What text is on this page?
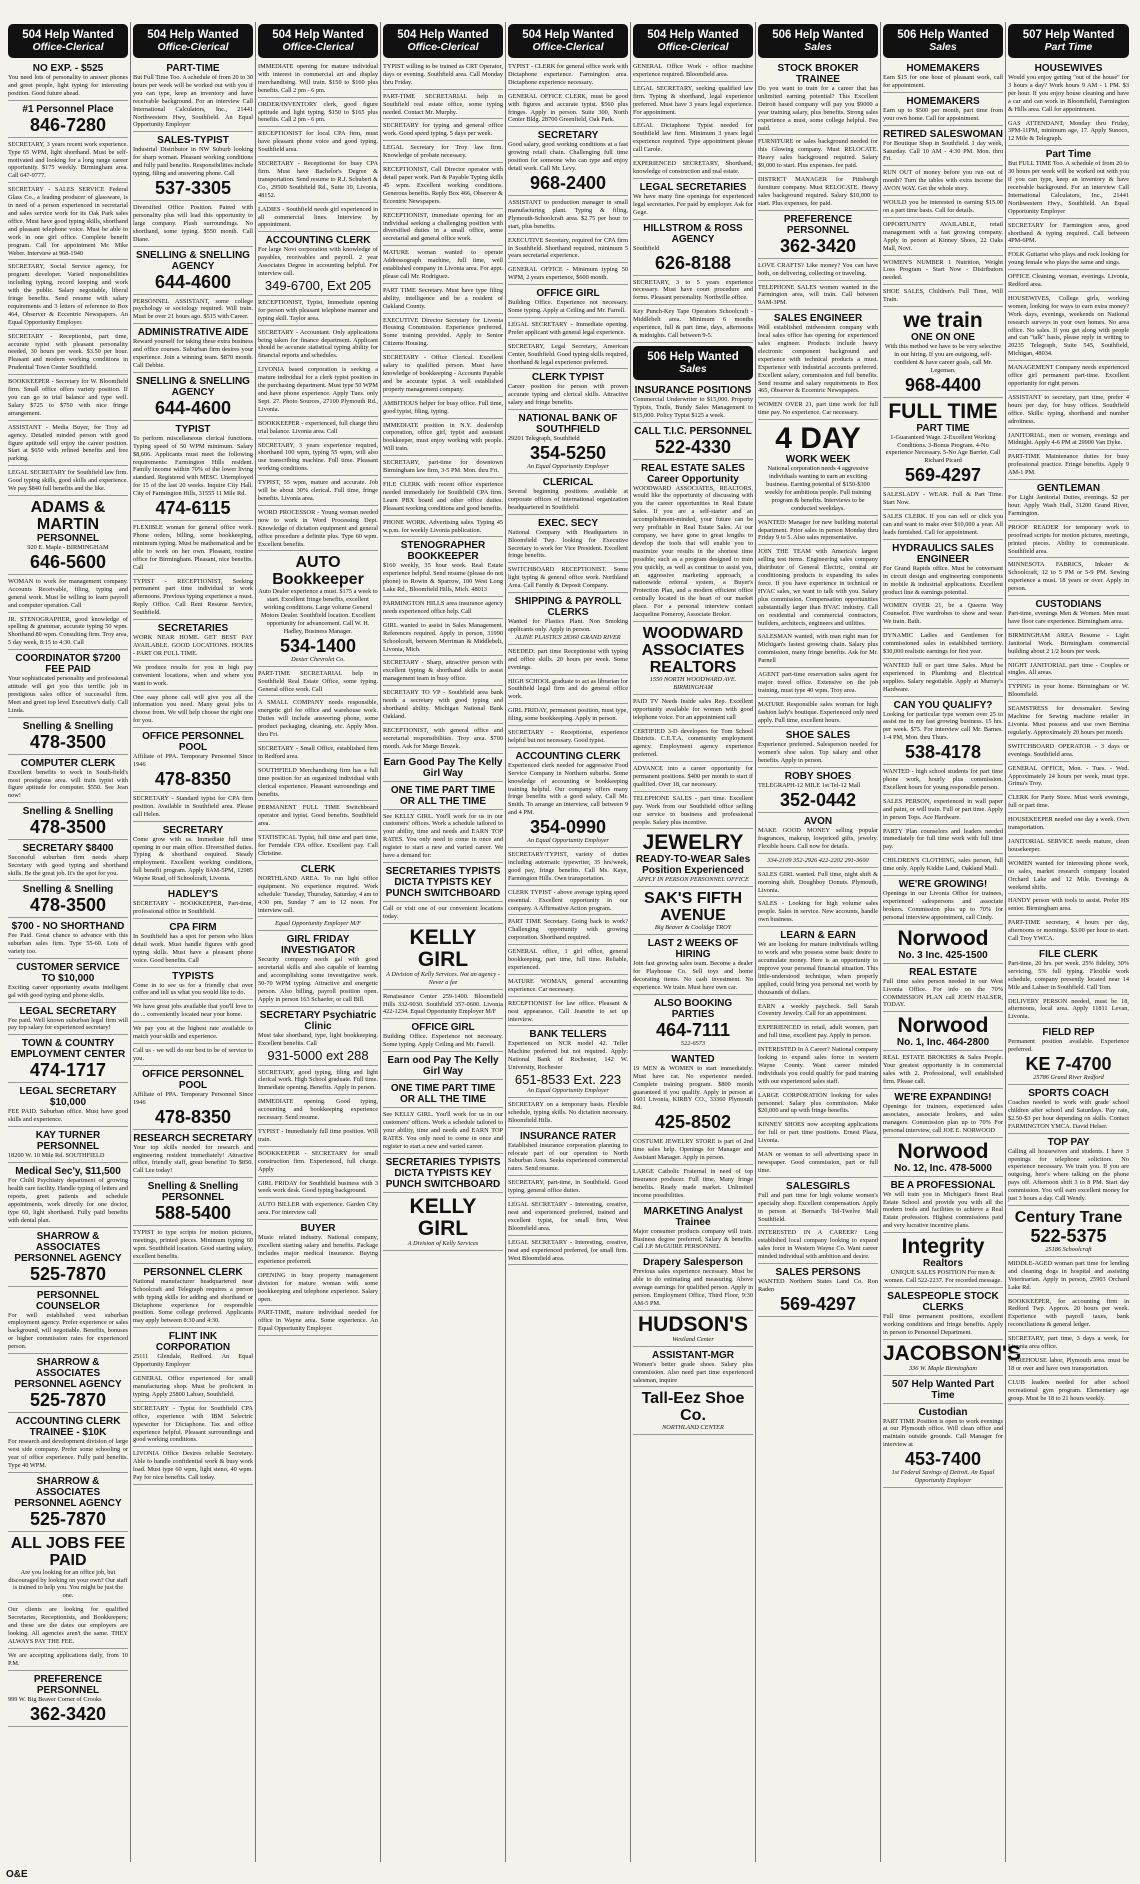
504 Help Wanted
Office-Clerical
NO EXP. - $525
You need lots of personality to answer phones and greet people, light typing for interesting position. Good future ahead.
#1 Personnel Place
846-7280
SECRETARY, 3 years recent work experience. Type 65 WPM, light shorthand. Must be self-motivated and looking for a long range career opportunity. $175 weekly. Birmingham area. Call 647-9777.
SECRETARY - SALES SERVICE Federal Glass Co., a leading producer of glassware, is in need of a person experienced in secretarial and sales service work for its Oak Park sales office. Must have good typing skills, shorthand and pleasant telephone voice. Must be able to work in one girl office. Complete benefit program. Call for appointment Mr. Mike Weber. Interview at 968-1940
SECRETARY, Social Service agency, for program developer. Varied responsibilities including typing, record keeping and work with the public. Salary negotiable, liberal fringe benefits. Send resume with salary requirements and 3 letters of reference to Box 464, Observer & Eccentric Newspapers. An Equal Opportunity Employer.
SECRETARY - Receptionist, part time, accurate typist with pleasant personality needed, 30 hours per week. $3.50 per hour. Pleasant and modern working conditions in Prudential Town Center Southfield.
BOOKKEEPER - Secretary for W. Bloomfield firm. Small office offers variety position. If you can go to trial balance and type well. Salary $725 to $750 with nice fringe arrangement.
ASSISTANT - Media Buyer, for Troy ad agency. Detailed minded person with good figure aptitude will enjoy the career position. Start at $650 with refined benefits and free parking.
LEGAL SECRETARY for Southfield law firm. Good typing skills, good skills and experience. We pay $840 full benefits and the like.
ADAMS & MARTIN
PERSONNEL
920 E. Maple - BIRMINGHAM
646-5600
WOMAN to work for management company. Accounts Receivable, filing, typing and general work. Must be willing to learn payroll and computer operation. Call
JR. STENOGRAPHER, good knowledge of spelling & grammar, accurate typing 50 wpm. Shorthand 80 wpm. Consulting firm. Troy area, 5 day week, 8:15 to 4:30. Call
COORDINATOR $7200 FEE PAID
Your sophisticated personality and professional attitude will get you this terrific job in prestigious sales office of successful firm. Meet and greet top level Executive's daily. Call Linda.
Snelling & Snelling
478-3500
COMPUTER CLERK
Excellent benefits to work in South-field's most prestigious area. will train typist with figure aptitude for computer. $550. See Jean now!
Snelling & Snelling
478-3500
SECRETARY $8400
Successful suburban firm needs sharp Secretary with good typing and shorthand skills. Be the great job. It's the spot for you.
Snelling & Snelling
478-3500
$700 - NO SHORTHAND
Fee Paid. Great chance to advance with this suburban sales firm. Type 55-60. Lots of variety too.
CUSTOMER SERVICE TO $10,000
Exciting career opportunity awaits intelligent gal with good typing and phone skills.
LEGAL SECRETARY
Fee paid. Well known suburban legal firm will pay top salary for experienced secretary!
TOWN & COUNTRY EMPLOYMENT CENTER
474-1717
LEGAL SECRETARY $10,000
FEE PAID. Suburban office. Must have good skills and experience.
KAY TURNER PERSONNEL
18200 W. 10 Mile Rd. SOUTHFIELD
Medical Sec'y, $11,500
For Child Psychiatry department of growing health care facility. Handle typing of letters and reports, greet patients and schedule appointments, work directly for one doctor, type 60, light shorthand. Fully paid benefits with dental plan.
SHARROW & ASSOCIATES PERSONNEL AGENCY
525-7870
PERSONNEL COUNSELOR
For well established west suburban employment agency. Prefer experience or sales background, will negotiable. Benefits, bonuses or higher commission rates for experienced person.
SHARROW & ASSOCIATES PERSONNEL AGENCY
525-7870
ACCOUNTING CLERK TRAINEE - $10K
For research and development division of large west side company. Prefer some schooling or year of office experience. Fully paid benefits. Type 40 WPM.
SHARROW & ASSOCIATES PERSONNEL AGENCY
525-7870
ALL JOBS FEE PAID
Are you looking for an office job, but discouraged by looking on your own? Our staff is trained to help you. You might be just the one.
Our clients are looking for qualified Secretaries, Receptionists, and Bookkeepers; and these are the dates our employers are looking. All agencies aren't the same. THEY ALWAYS PAY THE FEE.
We are accepting applications daily, from 10 P.M.
PREFERENCE PERSONNEL
999 W. Big Beaver Corner of Crooks
362-3420
504 Help Wanted
Office-Clerical
PART-TIME
But Full Time Too. A schedule of from 20 to 30 hours per week will be worked out with you if you can type, keep an inventory and have receivable background. For an interview Call International Calculators, Inc., 21441 Northwestern Hwy, Southfield. An Equal Opportunity Employer
SALES-TYPIST
Industrial Distributor in NW Suburb looking for sharp woman. Pleasant working conditions and fully paid benefits. Responsibilities include typing, filing and answering phone. Call
537-3305
Diversified Office Position. Paired with personality plus will lead this opportunity to large company. Plush surroundings. No shorthand, some typing. $550 month. Call Diane.
SNELLING & SNELLING AGENCY
644-4600
PERSONNEL ASSISTANT, some college psychology or sociology required. Will train. Must be over 21 hours ago. $515 with Career.
ADMINISTRATIVE AIDE
Reward yourself for taking these extra business and office courses. Suburban firm desires your experience. Join a winning team. $870 month. Call Debbie.
SNELLING & SNELLING AGENCY
644-4600
TYPIST
To perform miscellaneous clerical functions. Typing speed of 50 WPM minimum. Salary $8,606. Applicants must meet the following requirements: Farmington Hills resident. Family income within 70% of the lower living standard. Registered with MESC. Unemployed for 15 of the last 20 weeks. Inquire City Hall. City of Farmington Hills, 31555 11 Mile Rd.
474-6115
FLEXIBLE woman for general office work. Phone orders, billing, some bookkeeping, minimum typing. Must be mathematical and be able to work on her own. Pleasant, routine office for Birmingham. Pleasant, nice benefits. Call
TYPIST - RECEPTIONIST, Seeking permanent part time individual to work afternoons. Previous typing experience a must. Reply Office. Call Rent Resume Service, Southfield.
SECRETARIES
WORK NEAR HOME. GET BEST PAY AVAILABLE. GOOD LOCATIONS. HOURS - PART OR FULL TIME.
We produce results for you in high pay convenient locations, when and where you want to work.
One easy phone call will give you all the information you need. Many great jobs to choose from. We will help choose the right one for you.
OFFICE PERSONNEL POOL
Affiliate of PPA. Temporary Personnel Since 1946
478-8350
SECRETARY - Standard typist for CPA firm position. Available in Southfield area. Please call Helen.
SECRETARY
Come grow with us. Immediate full time opening in our main office. Diversified duties. Typing & shorthand required. Steady employment. Excellent working conditions, full benefit program. Apply 8AM-5PM, 12985 Wayne Road, off Schoolcraft, Livonia.
HADLEY'S
SECRETARY - BOOKKEEPER, Part-time, professional office in Southfield.
CPA FIRM
In Southfield has a spot for person who likes detail work. Must handle figures with good typing skills. Must have a pleasant phone voice. Good benefits. Call
TYPISTS
Come in to see us for a friendly chat over coffee and tell us what you would like to do.
We have great jobs available that you'll love to do ... conveniently located near your home.
We pay you at the highest rate available to match your skills and experience.
Call us - we will do our best to be of service to you.
OFFICE PERSONNEL POOL
Affiliate of PPA. Temporary Personnel Since 1946
478-8350
RESEARCH SECRETARY
Your top skills needed for research and engineering resident immediately! Attractive office, friendly staff, great benefits! To $850. Call Lee today!
Snelling & Snelling PERSONNEL
588-5400
TYPIST to type scripts for motion pictures, meetings, printed pieces. Minimum typing 60 wpm. Southfield location. Good starting salary, excellent benefits.
PERSONNEL CLERK
National manufacturer headquartered near Schoolcraft and Telegraph requires a person with typing skills for adding and shorthand or Dictaphone experience for responsible position. Some college preferred. Applicants may apply between 8:30 and 4:30.
FLINT INK CORPORATION
25111 Glendale, Redford. An Equal Opportunity Employer
GENERAL Office experienced for small manufacturing shop. Must be proficient in typing. Apply 25800 Lahser, Southfield.
SECRETARY - Typist for Southfield CPA office, experience with IBM Selectric typewriter for Dictaphone. Tax and office experience helpful. Pleasant surroundings and good working conditions.
LIVONIA Office Desires reliable Secretary. Able to handle confidential work & busy work load. Must type 60 wpm, light steno, 40 wpm. Pay for nice benefits. Call today.
504 Help Wanted
Office-Clerical
IMMEDIATE opening for mature individual with interest in commercial art and display merchandising. Will train. $150 to $160 plus benefits. Call 2 pm - 6 pm.
ORDER/INVENTORY clerk, good figure aptitude and light typing. $150 to $165 plus benefits. Call 2 pm - 6 pm.
RECEPTIONIST for local CPA firm, must have pleasant phone voice and good typing. Southfield area.
SECRETARY - Receptionist for busy CPA firm. Must have Bachelor's Degree & transportation. Send resume to R.J. Schubert & Co., 29500 Southfield Rd., Suite 10, Livonia, 48152.
LADIES - Southfield needs girl experienced in all commercial lines. Interview by appointment.
ACCOUNTING CLERK
For large Novi corporation with knowledge of payables, receivables and payroll. 2 year Associates Degree in accounting helpful. For interview call.
349-6700, Ext 205
RECEPTIONIST, Typist, Immediate opening for person with pleasant telephone manner and typing skill. Taylor area.
SECRETARY - Accountant. Only applications being taken for finance department. Applicant should be accurate statistical typing ability for financial reports and schedules.
LIVONIA based corporation is seeking a mature individual for a clerk typist position in the purchasing department. Must type 50 WPM and have phone experience. Apply Tues. only Sept. 27. Photo Sources, 27100 Plymouth Rd., Livonia.
BOOKKEEPER - experienced, full charge thru trial balance. Livonia area. Call
SECRETARY, 3 years experience required, shorthand 100 wpm, typing 55 wpm, will also use transcribing machine. Full time. Pleasant working conditions.
TYPIST, 55 wpm, mature and accurate. Job will be about 30% clerical. Full time, fringe benefits. Livonia area.
WORD PROCESSOR - Young woman needed now to work in Word Processing Dept. Knowledge of dictation equipment and general office procedure a definite plus. Type 60 wpm. Excellent benefits.
AUTO Bookkeeper
Auto Dealer experience a must. $175 a week to start. Excellent fringe benefits, excellent working conditions. Large volume General Motors Dealer. Southfield location. Excellent opportunity for advancement. Call W. H. Hadley, Business Manager.
534-1400
Dexter Chevrolet Co.
PART-TIME SECRETARIAL help in Southfield Real Estate Office, some typing. General office work. Call
A SMALL COMPANY needs responsible, energetic girl for office and warehouse work. Duties will include answering phone, some product packaging, cleaning, etc. Apply Mon. thru Fri.
SECRETARY - Small Office, established firm in Redford area.
SOUTHFIELD Merchandising firm has a full time position for an organized individual with clerical experience. Pleasant surroundings and benefits.
PERMANENT FULL TIME Switchboard operator and typist. Good benefits. Southfield area.
STATISTICAL Typist, full time and part time, for Ferndale CPA office. Excellent pay. Call Christine.
CLERK
NORTHLAND AREA. To run light office equipment. No experience required. Work schedule: Tuesday, Thursday, Saturday, 4 am to 4:30 pm, Sunday 7 am to 12 noon. For interview call.
Equal Opportunity Employer M/F
GIRL FRIDAY INVESTIGATOR
Security company needs gal with good secretarial skills and also capable of learning and accomplishing some investigative work. 50-70 WPM typing. Attractive and energetic person. Also billing, payroll position open. Apply in person 163 Schaefer, or call Bill.
SECRETARY Psychiatric Clinic
Must take shorthand, type, light bookkeeping. Excellent benefits. Call
931-5000 ext 288
SECRETARY, good typing, filing and light clerical work. High School graduate. Full time. Immediate opening. Benefits. Apply in person.
IMMEDIATE opening. Good typing, accounting and bookkeeping experience necessary. Send resume.
TYPIST - Immediately full time position. Will train.
BOOKKEEPER - SECRETARY for small construction firm. Experienced, full charge. Apply
GIRL FRIDAY for Southfield business with 3 week work desk. Good typing background.
AUTO BILLER with experience. Garden City area. For interview call
BUYER
Music related industry. National company, excellent starting salary and benefits. Package includes major medical insurance. Buying experience preferred.
OPENING in busy property management division for mature woman with some bookkeeping and telephone experience. Salary open.
PART-TIME, mature individual needed for office in Wayne area. Some experience. An Equal Opportunity Employer.
504 Help Wanted
Office-Clerical
TYPIST willing to be trained as CRT Operator, days or evening. Southfield area. Call Monday thru Friday.
PART-TIME SECRETARIAL help in Southfield real estate office, some typing needed. Contact Mr. Murphy.
SECRETARY for typing and general office work. Good speed typing. 5 days per week.
LEGAL Secretary for Troy law firm. Knowledge of probate necessary.
RECEPTIONIST, Call Director operator with detail paper work. Part & Payable Typing skills 45 wpm. Excellent working conditions. Generous benefits. Reply Box 466, Observer & Eccentric Newspapers.
RECEPTIONIST, immediate opening for an individual seeking a challenging position with diversified duties in a small office, some secretarial and general office work.
MATURE woman wanted to operate Addressograph machine, full time, well established company in Livonia area. For appt. please call Mr. Rodriguez.
PART TIME Secretary. Must have type filing ability, intelligence and be a resident of Oakland County.
EXECUTIVE Director Secretary for Livonia Housing Commission. Experience preferred. Some training provided. Apply to Senior Citizens Housing.
SECRETARY - Office Clerical. Excellent salary to qualified person. Must have knowledge of bookkeeping - Accounts Payable and be accurate typist. A well established property management company.
AMBITIOUS helper for busy office. Full time, good typist, filing, typing.
IMMEDIATE position in N.Y. dealership corporation, office girl, typist and assistant bookkeeper, must enjoy working with people. Will train.
SECRETARY, part-time for downtown Birmingham law firm, 3-5 PM. Mon. thru Fri.
FILE CLERK with recent office experience needed immediately for Southfield CPA firm. Learn PBX board and other office duties. Pleasant working conditions and good benefits.
PHONE WORK. Advertising sales. Typing 45 w.p.m. for weekly Livonia publication.
STENOGRAPHER BOOKKEEPER
$160 weekly, 35 hour week. Real Estate experience helpful. Send resume (please do not phone) to Rowin & Sparrow, 100 West Long Lake Rd., Bloomfield Hills, Mich. 48013
FARMINGTON HILLS area insurance agency needs experienced office help. Call
GIRL wanted to assist in Sales Management. References required. Apply in person, 31990 Schoolcraft, between Merriman & Middlebelt, Livonia, Mich.
SECRETARY - Sharp, attractive person with excellent typing & shorthand skills to assist management team in busy office.
SECRETARY TO VP - Southfield area bank needs a secretary with good typing and shorthand ability. Michigan National Bank Oakland.
RECEPTIONIST, with general office and secretarial responsibilities. Troy area. $700 month. Ask for Marge Brozek.
Earn Good Pay The Kelly Girl Way
ONE TIME PART TIME OR ALL THE TIME
See KELLY GIRL. You'll work for us in our customers' offices. Work a schedule tailored to your ability, time and needs and EARN TOP RATES. You only need to come in once and register to start a new and varied career. We have a demand for:
SECRETARIES TYPISTS DICTA TYPISTS KEY PUNCH SWITCHBOARD
Call or visit one of our convenient locations today.
KELLY GIRL
A Division of Kelly Services. Not an agency - Never a fee
Renaissance Center 259-1400. Bloomfield Hills 332-9030. Southfield 357-0600. Livonia 422-1234. Equal Opportunity Employer M/F
OFFICE GIRL
Building Office. Experience not necessary. Some typing. Apply Ceiling and Mr. Farrell.
Earn ood Pay The Kelly Girl Way
ONE TIME PART TIME OR ALL THE TIME
See KELLY GIRL. You'll work for us in our customers' offices. Work a schedule tailored to your ability, time and needs and EARN TOP RATES. You only need to come in once and register to start a new and varied career.
SECRETARIES TYPISTS DICTA TYPISTS KEY PUNCH SWITCHBOARD
KELLY GIRL
A Division of Kelly Services
504 Help Wanted
Office-Clerical
TYPIST - CLERK for general office work with Dictaphone experience. Farmington area. Dictaphone experience necessary.
GENERAL OFFICE CLERK, must be good with figures and accurate typist. $560 plus fringes. Apply in person. Suite 300, North Center Bldg. 28700 Greenfield, Oak Park.
SECRETARY
Good salary, good working conditions at a fast growing retail chain. Challenging full time position for someone who can type and enjoy detail work. Call Mr. Levy.
968-2400
ASSISTANT to production manager in small manufacturing plant. Typing & filing, Plymouth-Schoolcraft area. $2.75 per hour to start, plus benefits.
EXECUTIVE Secretary, required for CPA firm in Southfield. Shorthand required, minimum 5 years secretarial experience.
GENERAL OFFICE - Minimum typing 50 WPM, 2 years experience, $600 month.
OFFICE GIRL
Building Office. Experience not necessary. Some typing. Apply at Ceiling and Mr. Farrell.
LEGAL SECRETARY - Immediate opening. Prefer applicant with general legal experience.
SECRETARY, Legal Secretary, American Center, Southfield. Good typing skills required, shorthand & legal experience preferred.
CLERK TYPIST
Career position for person with proven accurate typing and clerical skills. Attractive salary and fringe benefits.
NATIONAL BANK OF SOUTHFIELD
29201 Telegraph, Southfield
354-5250
An Equal Opportunity Employer
CLERICAL
Several beginning positions available at corporate offices of international organization headquartered in Southfield.
EXEC. SECY
National Company with Headquarters in Bloomfield Twp. looking for Executive Secretary to work for Vice President. Excellent fringe benefits.
SWITCHBOARD RECEPTIONIST. Some light typing & general office work. Northland Area. Call Family & Deposit Company.
SHIPPING & PAYROLL CLERKS
Wanted for Plastics Plant. Non Smoking applicants only. Apply in person.
ALINE PLASTICS 28360 GRAND RIVER
NEEDED: part time Receptionist with typing and office skills. 20 hours per week. Some evenings.
HIGH SCHOOL graduate to act as librarian for Southfield legal firm and do general office work.
GIRL FRIDAY, permanent position, must type, filing, some bookkeeping. Apply in person.
SECRETARY - Receptionist, experience helpful but not necessary. Good typist.
ACCOUNTING CLERK
Experienced clerk needed for aggressive Food Service Company in Northern suburbs. Some knowledge of accounting or bookkeeping training helpful. Our company offers many fringe benefits with a good salary. Call Mr. Smith. To arrange an interview, call between 9 and 4 PM.
354-0990
An Equal Opportunity Employer
SECRETARY/TYPIST, variety of duties including automatic typewriter, 35 hrs/week, good pay, fringe benefits. Call Ms. Kaye, Farmington Hills. Own transportation.
CLERK TYPIST - above average typing speed essential. Excellent opportunity in our company. A Affirmative Action program.
PART TIME Secretary. Going back to work? Challenging opportunity with growing corporation. Shorthand required.
GENERAL office, 1 girl office, general bookkeeping, part time, full time. Reliable, experienced.
MATURE WOMAN, general accounting experience. Car necessary.
RECEPTIONIST for law office. Pleasant & neat appearance. Call Jeanette to set up interview.
BANK TELLERS
Experienced on NCR model 42. Teller Machine preferred but not required. Apply: National Bank of Rochester, 142 W. University, Rochester
651-8533 Ext. 223
An Equal Opportunity Employer
SECRETARY on a temporary basis. Flexible schedule, typing skills. No dictation necessary. Bloomfield Hills.
INSURANCE RATER
Established insurance corporation planning to relocate part of our operation to North Suburban Area. Seeks experienced commercial raters. Send resume.
SECRETARY, part-time, in Southfield. Good typing, general office duties.
LEGAL SECRETARY - Interesting, creative, neat and experienced preferred, trained and excellent typist, for small firm, West Bloomfield area.
LEGAL SECRETARY - Interesting, creative, neat and experienced preferred, for small firm. West Bloomfield area.
504 Help Wanted
Office-Clerical
GENERAL Office Work - office machine experience required. Bloomfield area.
LEGAL SECRETARY, seeking qualified law firm. Typing & shorthand, legal experience preferred. Must have 3 years legal experience. For appointment.
LEGAL Dictaphone Typist needed for Southfield law firm. Minimum 3 years legal experience required. Type appointment please call Carole.
EXPERIENCED SECRETARY, Shorthand, knowledge of construction and real estate.
LEGAL SECRETARIES
We have many fine openings for experienced legal secretaries. Fee paid by employer. Ask for Gege.
HILLSTROM & ROSS AGENCY
Southfield
626-8188
SECRETARY, 3 to 5 years experience necessary. Must have court procedure and forms. Pleasant personality. Northville office.
Key Punch-Key Tape Operators Schoolcraft - Middlebelt area. Minimum 6 months experience, full & part time, days, afternoons & midnights. Call between 9-5.
506 Help Wanted
Sales
INSURANCE POSITIONS
Commercial Underwriter to $15,000. Property Typists, Trails, Bundy Sales Management to $15,000. Policy Typist $125 a week.
CALL T.I.C. PERSONNEL
522-4330
REAL ESTATE SALES Career Opportunity
WOODWARD ASSOCIATES, REALTORS, would like the opportunity of discussing with you the career opportunities in Real Estate Sales. If you are a self-starter and an accomplishment-minded, your future can be very profitable in Real Estate Sales. At our company, we have gone to great lengths to develop the tools that will enable you to maximize your results in the shortest time possible; such as a program designed to train you quickly, as well as continue to assist you, an aggressive marketing approach, a nationwide referral system, a Buyer's Protection Plan, and a modern efficient office centrally located in the heart of our market place. For a personal interview contact Jacqueline Pomeroy, Associate Broker.
WOODWARD ASSOCIATES REALTORS
1550 NORTH WOODWARD AVE. BIRMINGHAM
PAID TV Needs Inside sales Rep. Excellent opportunity available for women with good telephone voice. For an appointment call
CERTIFIED 3-D developers for Tom School Districts. C.E.T.A. community employment agency. Employment agency experience preferred.
ADVANCE into a career opportunity for permanent positions. $400 per month to start if qualified. Over 18, car necessary.
TELEPHONE SALES - part time. Excellent pay. Work from our Southfield office selling our service to business and professional people. Salary plus incentive.
JEWELRY
READY-TO-WEAR Sales Position Experienced
APPLY IN PERSON PERSONNEL OFFICE
SAK'S FIFTH AVENUE
Big Beaver & Coolidge TROY
LAST 2 WEEKS OF HIRING
Join fast growing sales team. Become a dealer for Playhouse Co. Sell toys and home decorating items. No cash investment. No experience. We train. Must have own car.
ALSO BOOKING PARTIES
464-7111
522-6573
WANTED
19 MEN & WOMEN to start immediately. Must have car. No experience needed. Complete training program. $800 month guaranteed if you qualify. Apply in person at 1601 Livonia, KIRBY CO., 33360 Plymouth Rd.
425-8502
COSTUME JEWELRY STORE is part of 2nd time sales help. Openings for Manager and Assistant Manager. Apply in person.
LARGE Catholic Fraternal in need of top insurance producer. Full time. Many fringe benefits. Ready made market. Unlimited income possibilities.
MARKETING Analyst Trainee
Major consumer products company will train. Business degree preferred. Salary & benefits. Call J.P. McGUIRE PERSONNEL
Drapery Salesperson
Previous sales experience necessary. Must be able to do estimating and measuring. Above average earnings for qualified person. Apply in person. Employment Office, Third Floor, 9:30 AM-5 PM.
HUDSON'S
Westland Center
ASSISTANT-MGR
Women's better grade shoes. Salary plus commission. Also need part time experienced salesman, inquire
Tall-Eez Shoe Co.
NORTHLAND CENTER
506 Help Wanted
Sales
STOCK BROKER TRAINEE
Do you want to train for a career that has unlimited earning potential? This Excellent Detroit based company will pay you $9000 a year training salary, plus benefits. Strong sales experience a must, some college helpful. Fee paid.
FURNITURE or sales background needed for this Glowing company. Must RELOCATE. Heavy sales background required. Salary $9,000 to start. Plus expenses. fee paid.
DISTRICT MANAGER for Pittsburgh furniture company. Must RELOCATE. Heavy sales background required. Salary $10,000 to start. Plus expenses, fee paid.
PREFERENCE PERSONNEL
362-3420
LOVE CRAFTS? Like money? You can have both, on delivering, collecting or traveling.
TELEPHONE SALES women wanted in the Farmington area, will train. Call between 9AM-3PM.
SALES ENGINEER
Well established midwestern company with local sales office has opening for experienced sales engineer. Products include heavy electronic component background and experience with technical products a must. Experience with industrial accounts preferred. Excellent salary, commission and full benefits. Send resume and salary requirements to Box 465, Observer & Eccentric Newspapers.
WOMEN OVER 21, part time work for full time pay. No experience. Car necessary.
4 DAY
WORK WEEK
National corporation needs 4 aggressive individuals wanting to earn an exciting business. Earning potential of $150-$300 weekly for ambitious people. Full training program & benefits. Interviews to be conducted weekdays.
WANTED: Manager for new building material department. Prior sales in person Monday thru Friday 9 to 5. Also sales representative.
JOIN THE TEAM with America's largest selling test items. Engineering sales company distributor of General Electric, central air conditioning products is expanding its sales force. If you have experience in technical or HVAC sales, we want to talk with you. Salary plus commission. Compensation opportunities substantially larger than HVAC industry. Call on residential and commercial contractors, builders, architects, engineers and utilities.
SALESMAN wanted, with man right man for Michigan's fastest growing chain. Salary plus commission, many fringe benefits. Ask for Mr. Parnell
AGENT part-time reservation sales agent for major travel office. Extensive on the job training, must type 40 wpm. Troy area.
MATURE Responsible sales woman for high fashion lady's boutique. Experienced only need apply. Full time, excellent hours.
SHOE SALES
Experience preferred. Salesperson needed for women's shoe salon. Top salary and other benefits. Apply in person.
ROBY SHOES
TELEGRAPH-12 MILE 1st Tel-12 Mall
352-0442
AVON
MAKE GOOD MONEY selling popular fragrances, makeup, lowpriced gifts, jewelry. Flexible hours. Call now for details.
334-2109 352-2926 422-2202 291-3600
SALES GIRL wanted. Full time, night shift & morning shift. Doughboy Donuts. Plymouth, Livonia.
SALES - Looking for high volume sales people. Sales in service. New accounts, handle own business.
LEARN & EARN
We are looking for mature individuals willing to work and who possess some basic desire to accumulate money. Here is an opportunity to improve your personal financial situation. This little-understood technique, when properly applied, could bring you personal net worth by thousands of dollars.
EARN a weekly paycheck. Sell Sarah Coventry Jewelry. Call for an appointment.
EXPERIENCED in retail, adult women, part and full time, excellent pay. Apply in person.
INTERESTED In A Career? National company looking to expand sales force in western Wayne County. Want career minded individuals you could qualify for paid training with our experienced sales staff.
LARGE CORPORATION looking for sales personnel. Salary plus commission. Make $20,000 and up with fringe benefits.
KINNEY SHOES now accepting applications for full or part time positions. Ernest Plaza, Livonia.
MAN or woman to sell advertising space in newspaper. Good commission, part or full time.
SALESGIRLS
Full and part time for high volume women's specialty shop. Excellent compensation. Apply in person at Bernard's Tel-Twelve Mall Southfield.
INTERESTED IN A CAREER? Long established local company looking to expand sales force in Western Wayne Co. Want career minded individual with ambition and desire.
SALES PERSONS
WANTED Northern States Land Co. Ron Raden
569-4297
506 Help Wanted
Sales
HOMEMAKERS
Earn $15 for one hour of pleasant work, call for appointment.
HOMEMAKERS
Earn up to $500 per month, part time from your own home. Call for appointment.
RETIRED SALESWOMAN
For Boutique Shop in Southfield. 1 day week, Saturday. Call 10 AM - 4:30 PM. Mon. thru Fri.
RUN OUT of money before you run out of month? Turn the tables with extra income the AVON WAY. Get the whole story.
WOULD you be interested in earning $15.00 on a part time basis. Call for details.
OPPORTUNITY AVAILABLE, retail management with a fast growing company. Apply in person at Kinney Shoes, 22 Oaks Mall, Novi.
WOMEN'S NUMBER 1 Nutrition, Weight Loss Program - Start Now - Distributors needed.
SHOE SALES, Children's Full Time, Will Train.
we train
ONE ON ONE
With this method we have to be very selective in our hiring. If you are outgoing, self-confident & have career goals, call Mr. Legeman.
968-4400
FULL TIME
PART TIME
1-Guaranteed Wage. 2-Excellent Working Conditions. 3-Bonus Program. 4-No experience Necessary. 5-No Age Barrier. Call Richard Picard
569-4297
SALESLADY - WEAR. Full & Part Time. Start Now.
SALES CLERK. If you can sell or click you can and want to make over $10,000 a year. All leads furnished. Call for appointment.
HYDRAULICS SALES ENGINEER
For Grand Rapids office. Must be conversant in circuit design and engineering components in mobile & industrial applications. Excellent product line & earnings potential.
WOMEN OVER 21, be a Queens Way Counselor. Five wardrobes to show and wear. We train. Bath.
DYNAMIC Ladies and Gentlemen for commissioned sales in established territory. $30,000 realistic earnings for first year.
WANTED full or part time Sales. Must be experienced in Plumbing and Electrical supplies. Salary negotiable. Apply at Murray's Hardware.
CAN YOU QUALIFY?
Looking for particular type women over 25 to assist me in my fast growing business. 15 hrs. per week. $75. For interview call Mr. Barnes. 1-4 PM, Mon. thru Thurs.
538-4178
WANTED - high school students for part time phone work, hourly plus commission. Excellent hours for young responsible person.
SALES PERSON, experienced in wall paper and paint, or will train. Full or part time. Apply in person Tops. Ace Hardware.
PARTY Plan counselors and leaders needed immediately for full time work with full time pay.
CHILDREN'S CLOTHING, sales person, full time only. Apply Kiddie Land, Oakland Mall.
WE'RE GROWING!
Openings in our Livonia Office for trainees, experienced salespersons and associate brokers. Commission plus up to 70% for personal interview appointment, call Cindy.
Norwood
No. 3 Inc. 425-1500
REAL ESTATE
Full time sales person needed in our West Livonia Office. For info on the 70% COMMISSION PLAN call JOHN HALSER, TODAY.
Norwood
No. 1, Inc. 464-2800
REAL ESTATE BROKERS & Sales People. Your greatest opportunity is in commercial sales with 2. Professional, well established firm. Please call.
WE'RE EXPANDING!
Openings for trainees, experienced sales associates, associate brokers, and sales managers. Commission plan up to 70% For personal interview, call JOE E. NORWOOD
Norwood
No. 12, Inc. 478-5000
BE A PROFESSIONAL
We will train you in Michigan's finest Real Estate School and provide you with all the modern tools and facilities to achieve a Real Estate profession. Highest commissions paid and very lucrative incentive plans.
Integrity
Realtors
UNIQUE SALES POSITION For men & women. Call 522-2237. For recorded message.
SALESPEOPLE STOCK CLERKS
Full time permanent positions, excellent working conditions and fringe benefits. Apply in person to Personnel Department.
JACOBSON'S
336 W. Maple Birmingham
507 Help Wanted Part Time
Custodian
PART TIME Position is open to work evenings at our Plymouth office. Will clean office and maintain outside grounds. Call Manager for interview at
453-7400
1st Federal Savings of Detroit. An Equal Opportunity Employer
507 Help Wanted
Part Time
HOUSEWIVES
Would you enjoy getting "out of the house" for 3 hours a day? Work hours 9 AM - 1 PM. $3 per hour. If you enjoy house cleaning and have a car and can work in Bloomfield, Farmington & Hills area. Call for appointment.
GAS ATTENDANT, Monday thru Friday, 3PM-11PM, minimum age, 17. Apply Sunoco, 12 Mile & Telegraph.
Part Time
But FULL TIME Too. A schedule of from 20 to 30 hours per week will be worked out with you if you can type, keep an inventory & have receivable background. For an interview Call International Calculators, Inc., 21441 Northwestern Hwy., Southfield. An Equal Opportunity Employer
SECRETARY for Farmington area, good shorthand & typing required. Call between 4PM-6PM.
FOLK Guitarist who plays and rock looking for young female who plays the same and sings.
OFFICE Cleaning, woman, evenings. Livonia, Redford area.
HOUSEWIVES, College girls, working women, looking for ways to earn extra money? Work days, evenings, weekends on National research surveys in your own homes. No area office. No sales. If you get along with people and can "talk" basis, please reply in writing to 20235 Telegraph, Suite 545, Southfield, Michigan, 48034.
MANAGEMENT Company needs experienced office girl permanent part-time. Excellent opportunity for right person.
ASSISTANT to secretary, part time, prefer 4 hours per day, for busy offices. Southfield office. Skills: typing, shorthand and number adroitness.
JANITORIAL, men or women, evenings and Midnight. Apply 4-6 PM at 29900 Van Dyke.
PART-TIME Maintenance duties for busy professional practice. Fringe benefits. Apply 9 AM-1 PM.
GENTLEMAN
For Light Janitorial Duties, evenings. $2 per hour. Apply Wash Hall, 31200 Grand River, Farmington.
PROOF READER for temporary work to proofread scripts for motion pictures, meetings, printed pieces. Ability to communicate. Southfield area.
MINNESOTA FABRICS, Inkster & Schoolcraft, 12 to 5 PM or 5-9 PM. Sewing experience a must. 18 years or over. Apply in person.
CUSTODIANS
Part-time, evenings Men & Women. Men must have floor care experience. Birmingham area.
BIRMINGHAM AREA Resume - Light Janitorial Work. Birmingham commercial building about 2 1/2 hours per week.
NIGHT JANITORIAL part time - Couples or singles. All areas.
TYPING in your home. Birmingham or W. Bloomfield.
SEAMSTRESS for dressmaker. Sewing Machine for Sewing machine retailer in Livonia. Must possess and use own Bernina regularly. Approximately 20 hours per month.
SWITCHBOARD OPERATOR - 3 days or evenings. Southfield area.
GENERAL OFFICE, Mon. - Tues. - Wed. Approximately 24 hours per week, must type. Grima's Troy.
CLERK for Party Store. Must work evenings, full or part time.
HOUSEKEEPER needed one day a week. Own transportation.
JANITORIAL SERVICE needs mature, clean housekeeper.
WOMEN wanted for interesting phone work, no sales, market research company located Orchard Lake and 12 Mile. Evenings & weekend shifts.
HANDY person with tools to assist. Prefer HS senior. Birmingham area.
PART-TIME secretary, 4 hours per day, afternoons or mornings. $3.00 per hour to start. Call Troy YWCA.
FILE CLERK
Part-time, 20 hrs. per week. 25% fidelity, 30% servicing, 5% full typing. Flexible work schedule, company presently located near 14 Mile and Lahser in Southfield. Call Tom.
DELIVERY PERSON needed, must be 18, afternoons, local area. Apply 11811 Levan, Livonia.
FIELD REP
Permanent position available. Experience preferred.
KE 7-4700
25786 Grand River Redford
SPORTS COACH
Coaches needed to work with grade school children after school and Saturdays. Pay rate, $2.50-$3 per hour depending on skills. Contact FARMINGTON YMCA. David Helser.
TOP PAY
Calling all housewives and students. I have 3 openings for telephone solicitors. No experience necessary. We train you. If you are outgoing, here's where talking on the phone pays off. Afternoon shift 3 to 8 PM. Start day commission. You will earn excellent money for just 3 hours a day. Call Wendy.
Century Trane
522-5375
25186 Schoolcraft
MIDDLE-AGED woman part time for lending and cleaning dogs in hospital and assisting Veterinarian. Apply in person, 25903 Orchard Lake Rd.
BOOKKEEPER, for accounting firm in Redford Twp. Approx. 20 hours per week. Experience with payroll taxes, bank reconciliations & general ledger.
SECRETARY, part time, 3 days a week, for Livonia area office.
WAREHOUSE labor, Plymouth area. must be 18 or over and have own transportation.
CLUB leaders needed for after school recreational gym program. Elementary age group. Must be 18 to 21 hours weekly.
O&E
